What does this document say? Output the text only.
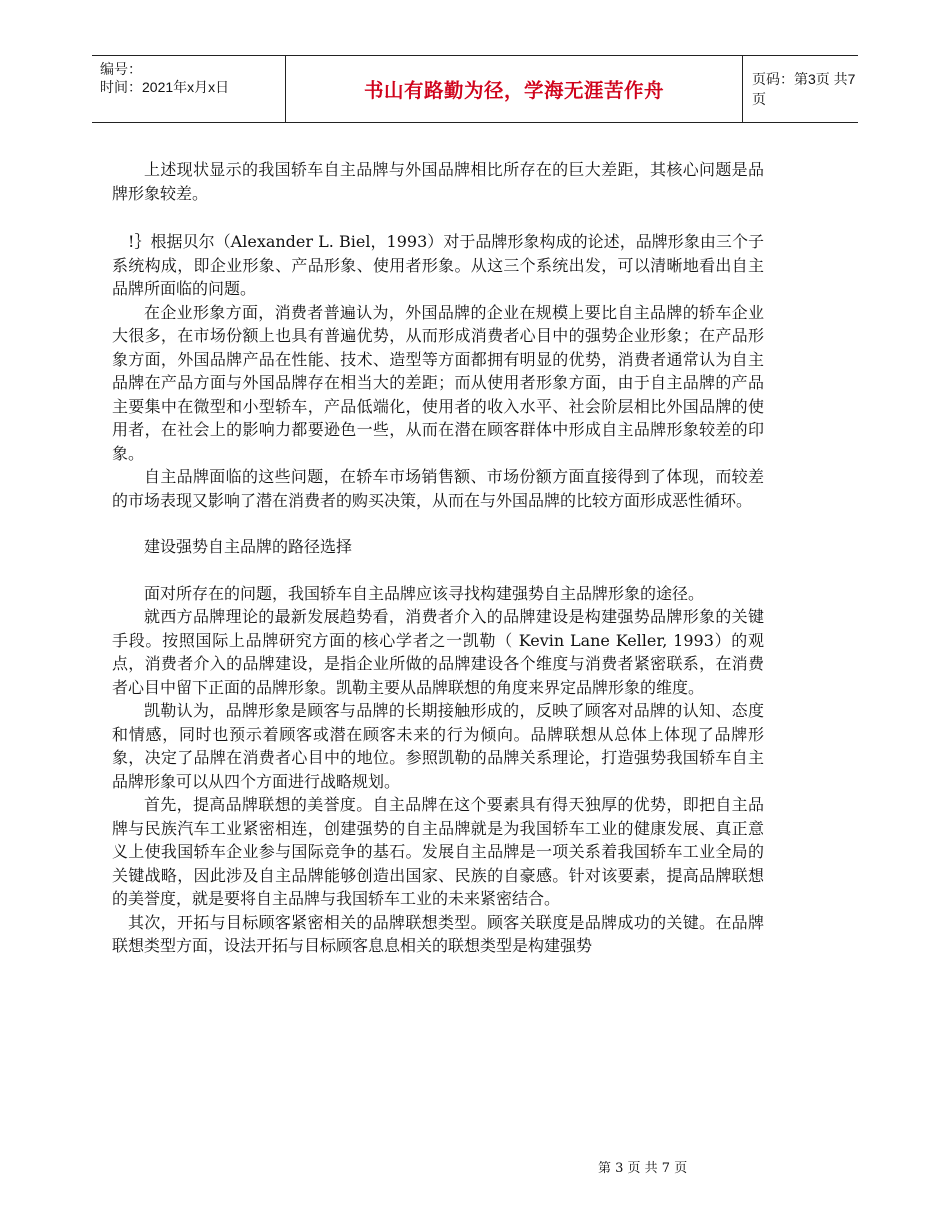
编号：
时间：2021年x月x日	书山有路勤为径，学海无涯苦作舟	页码：第3页 共7页

上述现状显示的我国轿车自主品牌与外国品牌相比所存在的巨大差距，其核心问题是品牌形象较差。

!｝根据贝尔（Alexander L. Biel，1993）对于品牌形象构成的论述，品牌形象由三个子系统构成，即企业形象、产品形象、使用者形象。从这三个系统出发，可以清晰地看出自主品牌所面临的问题。

在企业形象方面，消费者普遍认为，外国品牌的企业在规模上要比自主品牌的轿车企业大很多，在市场份额上也具有普遍优势，从而形成消费者心目中的强势企业形象；在产品形象方面，外国品牌产品在性能、技术、造型等方面都拥有明显的优势，消费者通常认为自主品牌在产品方面与外国品牌存在相当大的差距；而从使用者形象方面，由于自主品牌的产品主要集中在微型和小型轿车，产品低端化，使用者的收入水平、社会阶层相比外国品牌的使用者，在社会上的影响力都要逊色一些，从而在潜在顾客群体中形成自主品牌形象较差的印象。

自主品牌面临的这些问题，在轿车市场销售额、市场份额方面直接得到了体现，而较差的市场表现又影响了潜在消费者的购买决策，从而在与外国品牌的比较方面形成恶性循环。

建设强势自主品牌的路径选择

面对所存在的问题，我国轿车自主品牌应该寻找构建强势自主品牌形象的途径。

就西方品牌理论的最新发展趋势看，消费者介入的品牌建设是构建强势品牌形象的关键手段。按照国际上品牌研究方面的核心学者之一凯勒（ Kevin Lane Keller, 1993）的观点，消费者介入的品牌建设，是指企业所做的品牌建设各个维度与消费者紧密联系，在消费者心目中留下正面的品牌形象。凯勒主要从品牌联想的角度来界定品牌形象的维度。

凯勒认为，品牌形象是顾客与品牌的长期接触形成的，反映了顾客对品牌的认知、态度和情感，同时也预示着顾客或潜在顾客未来的行为倾向。品牌联想从总体上体现了品牌形象，决定了品牌在消费者心目中的地位。参照凯勒的品牌关系理论，打造强势我国轿车自主品牌形象可以从四个方面进行战略规划。

首先，提高品牌联想的美誉度。自主品牌在这个要素具有得天独厚的优势，即把自主品牌与民族汽车工业紧密相连，创建强势的自主品牌就是为我国轿车工业的健康发展、真正意义上使我国轿车企业参与国际竞争的基石。发展自主品牌是一项关系着我国轿车工业全局的关键战略，因此涉及自主品牌能够创造出国家、民族的自豪感。针对该要素，提高品牌联想的美誉度，就是要将自主品牌与我国轿车工业的未来紧密结合。

其次，开拓与目标顾客紧密相关的品牌联想类型。顾客关联度是品牌成功的关键。在品牌联想类型方面，设法开拓与目标顾客息息相关的联想类型是构建强势

第 3 页 共 7 页
